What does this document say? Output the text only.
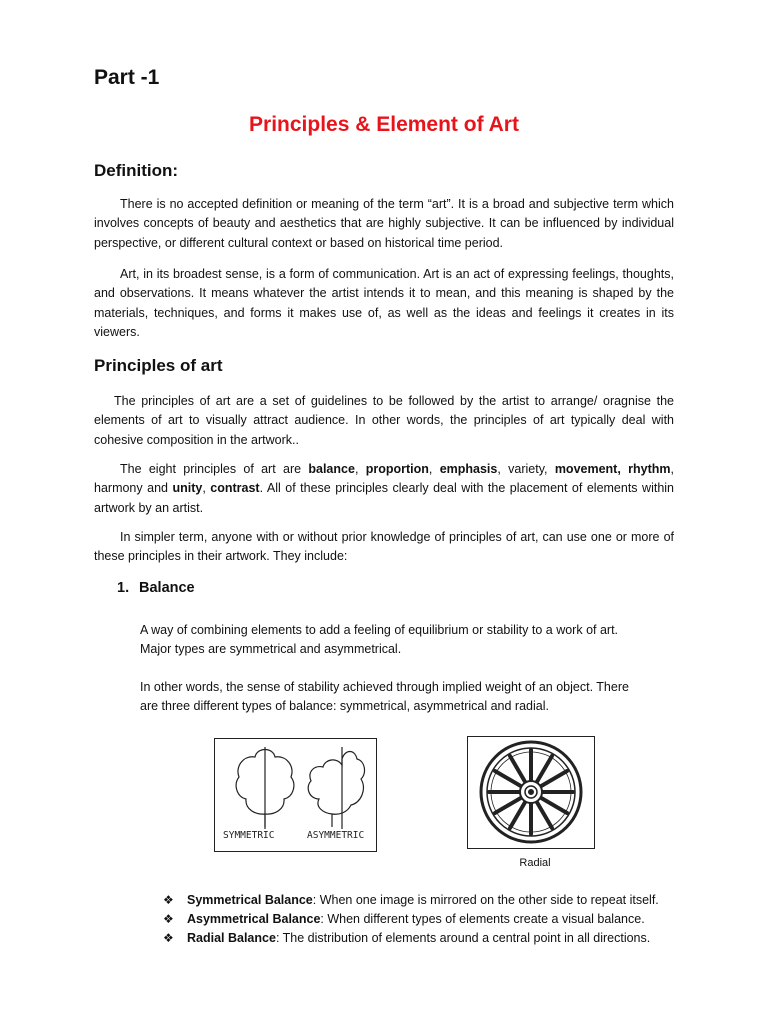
Part -1
Principles & Element of Art
Definition:

There is no accepted definition or meaning of the term “art”. It is a broad and subjective term which involves concepts of beauty and aesthetics that are highly subjective. It can be influenced by individual perspective, or different cultural context or based on historical time period.

Art, in its broadest sense, is a form of communication. Art is an act of expressing feelings, thoughts, and observations. It means whatever the artist intends it to mean, and this meaning is shaped by the materials, techniques, and forms it makes use of, as well as the ideas and feelings it creates in its viewers.

Principles of art

The principles of art are a set of guidelines to be followed by the artist to arrange/ oragnise the elements of art to visually attract audience. In other words, the principles of art typically deal with cohesive composition in the artwork..

The eight principles of art are balance, proportion, emphasis, variety, movement, rhythm, harmony and unity, contrast. All of these principles clearly deal with the placement of elements within artwork by an artist.

In simpler term, anyone with or without prior knowledge of principles of art, can use one or more of these principles in their artwork. They include:

1. Balance

A way of combining elements to add a feeling of equilibrium or stability to a work of art.
Major types are symmetrical and asymmetrical.

In other words, the sense of stability achieved through implied weight of an object. There
are three different types of balance: symmetrical, asymmetrical and radial.

SYMMETRIC	ASYMMETRIC
Radial
❖ Symmetrical Balance: When one image is mirrored on the other side to repeat itself.
❖ Asymmetrical Balance: When different types of elements create a visual balance.
❖ Radial Balance: The distribution of elements around a central point in all directions.
